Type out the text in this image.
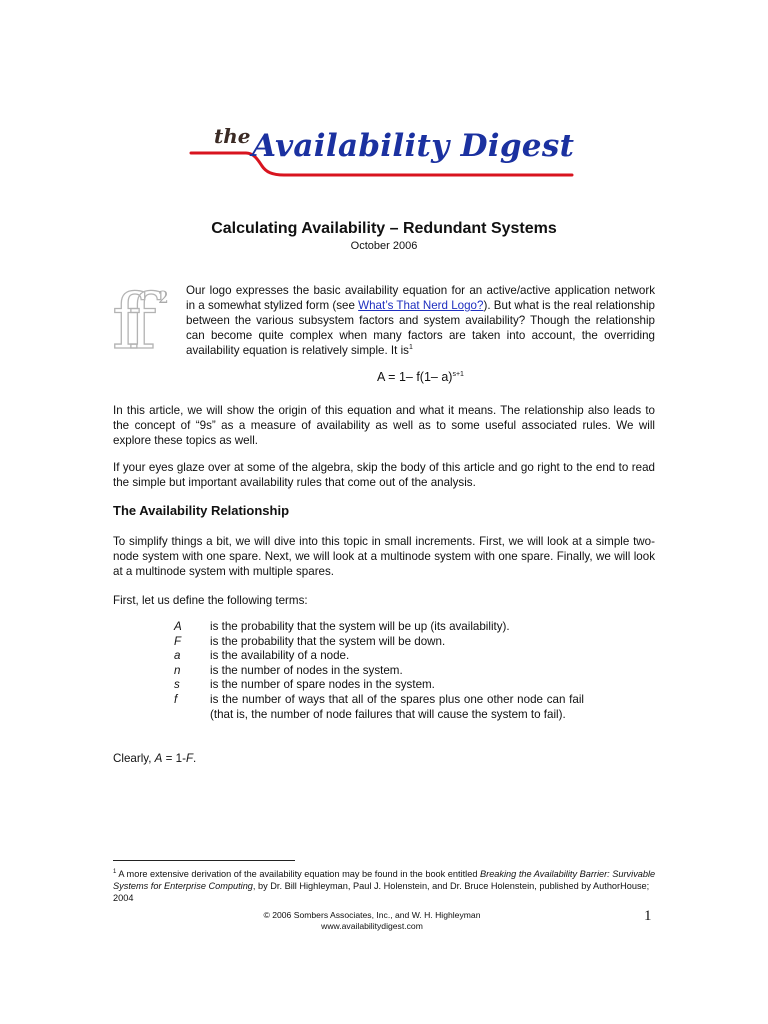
the Availability Digest
Calculating Availability – Redundant Systems
October 2006
ff 2 Our logo expresses the basic availability equation for an active/active application network in a somewhat stylized form (see What’s That Nerd Logo?). But what is the real relationship between the various subsystem factors and system availability? Though the relationship can become quite complex when many factors are taken into account, the overriding availability equation is relatively simple. It is$^1$
A = 1– f(1– a)$^{s+1}$
In this article, we will show the origin of this equation and what it means. The relationship also leads to the concept of “9s” as a measure of availability as well as to some useful associated rules. We will explore these topics as well.
If your eyes glaze over at some of the algebra, skip the body of this article and go right to the end to read the simple but important availability rules that come out of the analysis.
The Availability Relationship
To simplify things a bit, we will dive into this topic in small increments. First, we will look at a simple two-node system with one spare. Next, we will look at a multinode system with one spare. Finally, we will look at a multinode system with multiple spares.
First, let us define the following terms:
A	is the probability that the system will be up (its availability).
F	is the probability that the system will be down.
a	is the availability of a node.
n	is the number of nodes in the system.
s	is the number of spare nodes in the system.
f	is the number of ways that all of the spares plus one other node can fail (that is, the number of node failures that will cause the system to fail).
Clearly, A = 1-F.
$^1$ A more extensive derivation of the availability equation may be found in the book entitled Breaking the Availability Barrier: Survivable Systems for Enterprise Computing, by Dr. Bill Highleyman, Paul J. Holenstein, and Dr. Bruce Holenstein, published by AuthorHouse; 2004
© 2006 Sombers Associates, Inc., and W. H. Highleyman
www.availabilitydigest.com
1
